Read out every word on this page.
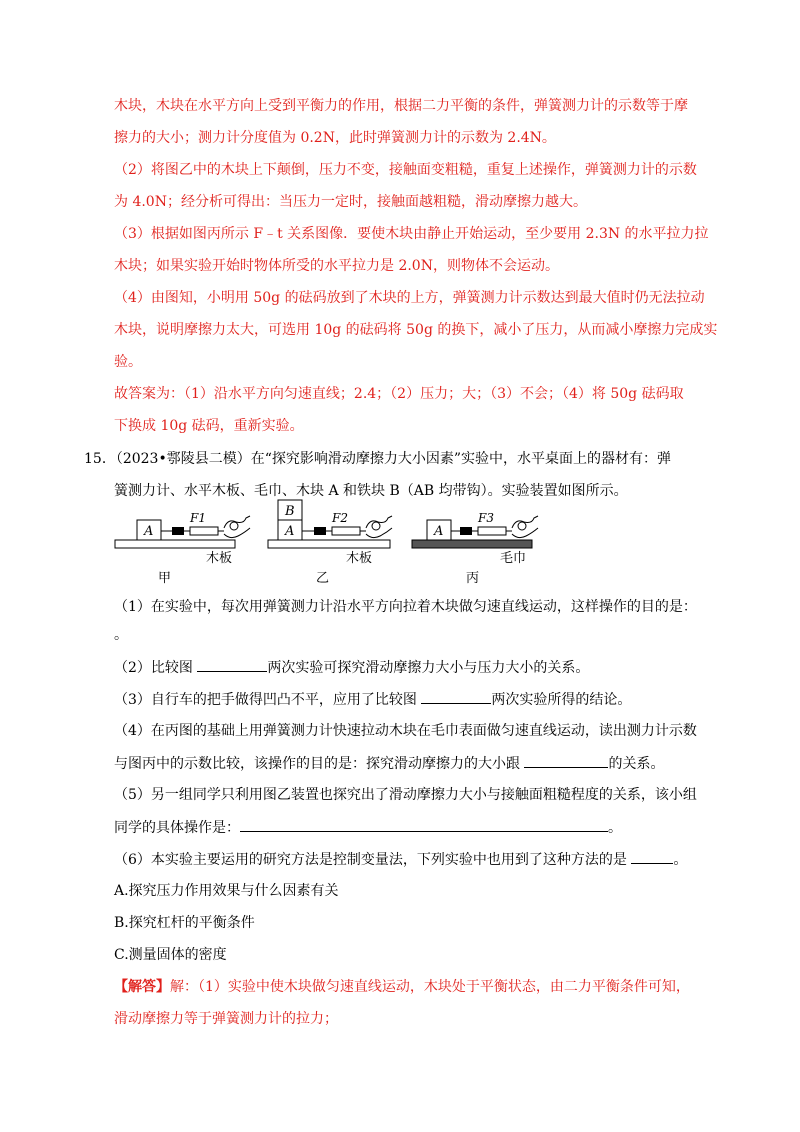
木块，木块在水平方向上受到平衡力的作用，根据二力平衡的条件，弹簧测力计的示数等于摩
擦力的大小；测力计分度值为 0.2N，此时弹簧测力计的示数为 2.4N。
（2）将图乙中的木块上下颠倒，压力不变，接触面变粗糙，重复上述操作，弹簧测力计的示数
为 4.0N；经分析可得出：当压力一定时，接触面越粗糙，滑动摩擦力越大。
（3）根据如图丙所示 F﹣t 关系图像．要使木块由静止开始运动，至少要用 2.3N 的水平拉力拉
木块；如果实验开始时物体所受的水平拉力是 2.0N，则物体不会运动。
（4）由图知，小明用 50g 的砝码放到了木块的上方，弹簧测力计示数达到最大值时仍无法拉动
木块，说明摩擦力太大，可选用 10g 的砝码将 50g 的换下，减小了压力，从而减小摩擦力完成实
验。
故答案为：（1）沿水平方向匀速直线；2.4；（2）压力；大；（3）不会；（4）将 50g 砝码取
下换成 10g 砝码，重新实验。
15．（2023•鄠陵县二模）在“探究影响滑动摩擦力大小因素”实验中，水平桌面上的器材有：弹
簧测力计、水平木板、毛巾、木块 A 和铁块 B（AB 均带钩）。实验装置如图所示。
A
F1
木板
甲
A
B	F2
木板
乙
A
F3
毛巾
丙
（1）在实验中，每次用弹簧测力计沿水平方向拉着木块做匀速直线运动，这样操作的目的是：
。
（2）比较图	两次实验可探究滑动摩擦力大小与压力大小的关系。
（3）自行车的把手做得凹凸不平，应用了比较图	两次实验所得的结论。
（4）在丙图的基础上用弹簧测力计快速拉动木块在毛巾表面做匀速直线运动，读出测力计示数
与图丙中的示数比较，该操作的目的是：探究滑动摩擦力的大小跟	的关系。
（5）另一组同学只利用图乙装置也探究出了滑动摩擦力大小与接触面粗糙程度的关系，该小组
同学的具体操作是：	。
（6）本实验主要运用的研究方法是控制变量法，下列实验中也用到了这种方法的是	。
A.探究压力作用效果与什么因素有关
B.探究杠杆的平衡条件
C.测量固体的密度
【解答】解：（1）实验中使木块做匀速直线运动，木块处于平衡状态，由二力平衡条件可知，
滑动摩擦力等于弹簧测力计的拉力；
